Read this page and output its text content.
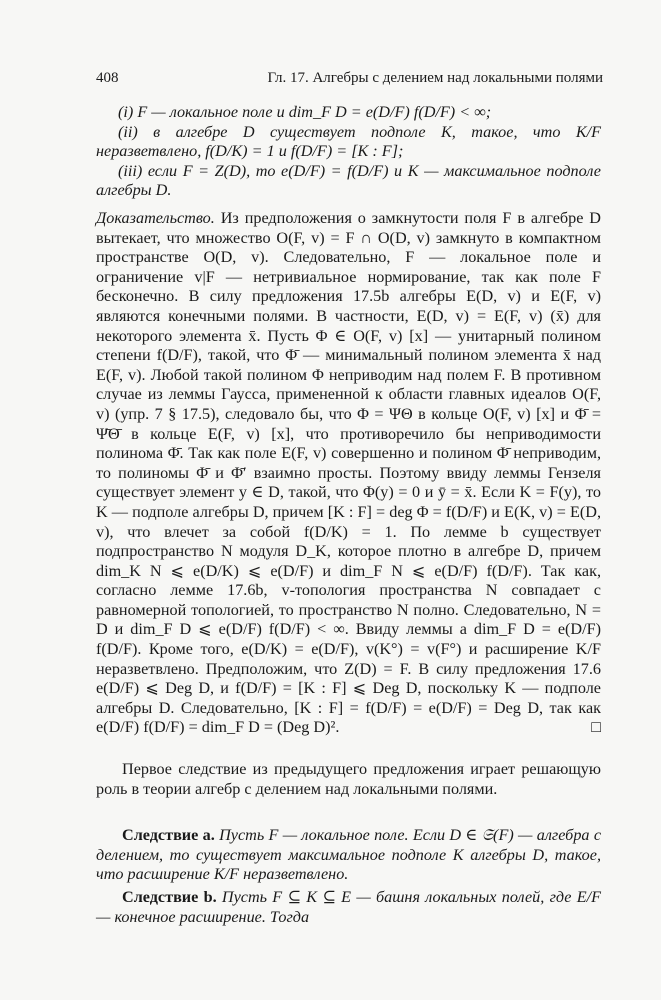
408	Гл. 17. Алгебры с делением над локальными полями

(i) F — локальное поле и dim_F D = e(D/F) f(D/F) < ∞;

(ii) в алгебре D существует подполе K, такое, что K/F неразветвлено, f(D/K) = 1 и f(D/F) = [K : F];

(iii) если F = Z(D), то e(D/F) = f(D/F) и K — максимальное подполе алгебры D.

Доказательство. Из предположения о замкнутости поля F в алгебре D вытекает, что множество O(F, v) = F ∩ O(D, v) замкнуто в компактном пространстве O(D, v). Следовательно, F — локальное поле и ограничение v|F — нетривиальное нормирование, так как поле F бесконечно. В силу предложения 17.5b алгебры E(D, v) и E(F, v) являются конечными полями. В частности, E(D, v) = E(F, v) (x̄) для некоторого элемента x̄. Пусть Φ ∈ O(F, v) [x] — унитарный полином степени f(D/F), такой, что Φ̄ — минимальный полином элемента x̄ над E(F, v). Любой такой полином Φ неприводим над полем F. В противном случае из леммы Гаусса, примененной к области главных идеалов O(F, v) (упр. 7 § 17.5), следовало бы, что Φ = ΨΘ в кольце O(F, v) [x] и Φ̄ = Ψ̄Θ̄ в кольце E(F, v) [x], что противоречило бы неприводимости полинома Φ̄. Так как поле E(F, v) совершенно и полином Φ̄ неприводим, то полиномы Φ̄ и Φ̄′ взаимно просты. Поэтому ввиду леммы Гензеля существует элемент y ∈ D, такой, что Φ(y) = 0 и ȳ = x̄. Если K = F(y), то K — подполе алгебры D, причем [K : F] = deg Φ = f(D/F) и E(K, v) = E(D, v), что влечет за собой f(D/K) = 1. По лемме b существует подпространство N модуля D_K, которое плотно в алгебре D, причем dim_K N ⩽ e(D/K) ⩽ e(D/F) и dim_F N ⩽ e(D/F) f(D/F). Так как, согласно лемме 17.6b, v-топология пространства N совпадает с равномерной топологией, то пространство N полно. Следовательно, N = D и dim_F D ⩽ e(D/F) f(D/F) < ∞. Ввиду леммы a dim_F D = e(D/F) f(D/F). Кроме того, e(D/K) = e(D/F), v(K°) = v(F°) и расширение K/F неразветвлено. Предположим, что Z(D) = F. В силу предложения 17.6 e(D/F) ⩽ Deg D, и f(D/F) = [K : F] ⩽ Deg D, поскольку K — подполе алгебры D. Следовательно, [K : F] = f(D/F) = e(D/F) = Deg D, так как e(D/F) f(D/F) = dim_F D = (Deg D)².	□

Первое следствие из предыдущего предложения играет решающую роль в теории алгебр с делением над локальными полями.

Следствие a. Пусть F — локальное поле. Если D ∈ 𝔖(F) — алгебра с делением, то существует максимальное подполе K алгебры D, такое, что расширение K/F неразветвлено.

Следствие b. Пусть F ⊆ K ⊆ E — башня локальных полей, где E/F — конечное расширение. Тогда
